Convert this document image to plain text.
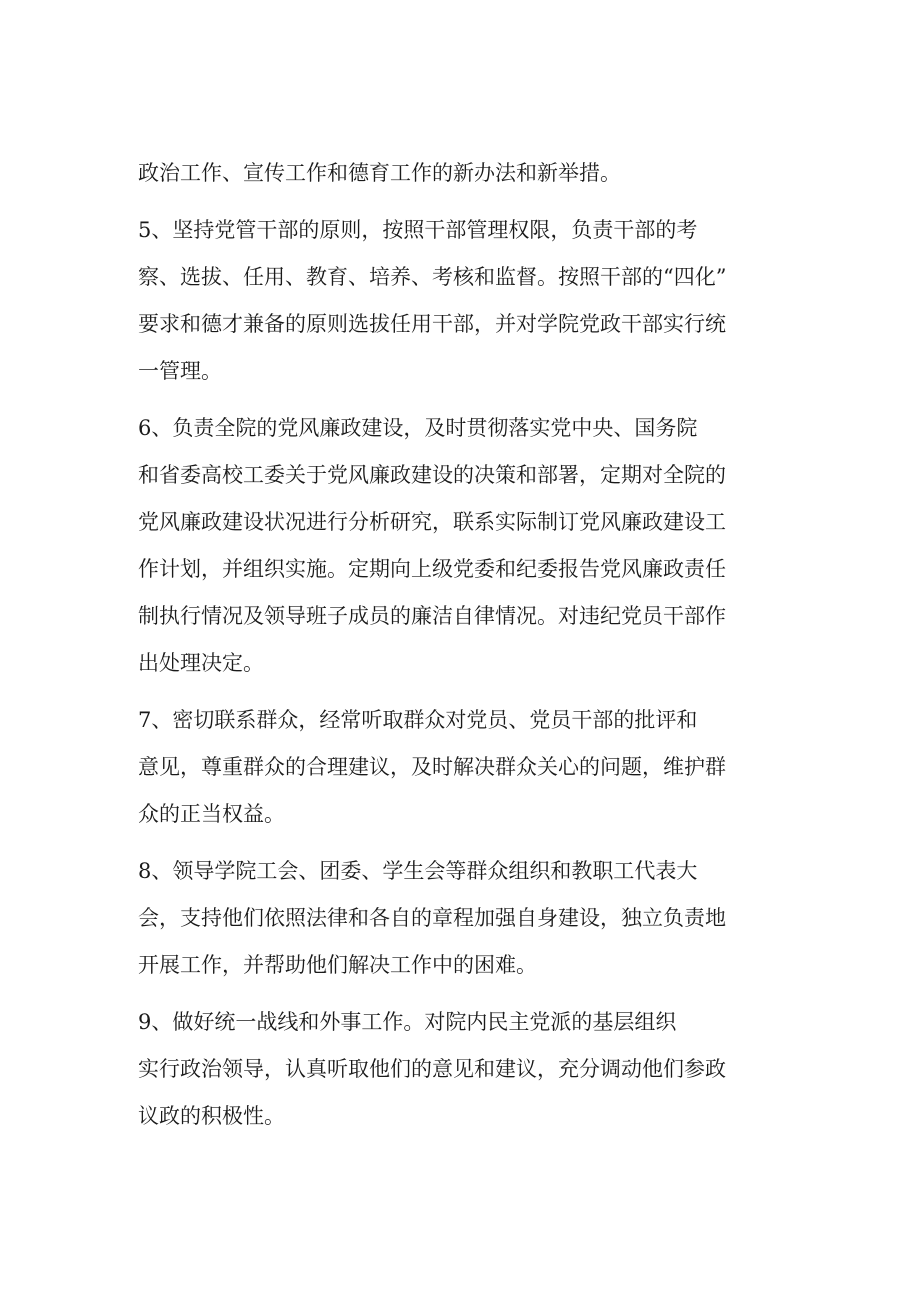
政治工作、宣传工作和德育工作的新办法和新举措。

5、坚持党管干部的原则，按照干部管理权限，负责干部的考
察、选拔、任用、教育、培养、考核和监督。按照干部的“四化”
要求和德才兼备的原则选拔任用干部，并对学院党政干部实行统
一管理。

6、负责全院的党风廉政建设，及时贯彻落实党中央、国务院
和省委高校工委关于党风廉政建设的决策和部署，定期对全院的
党风廉政建设状况进行分析研究，联系实际制订党风廉政建设工
作计划，并组织实施。定期向上级党委和纪委报告党风廉政责任
制执行情况及领导班子成员的廉洁自律情况。对违纪党员干部作
出处理决定。

7、密切联系群众，经常听取群众对党员、党员干部的批评和
意见，尊重群众的合理建议，及时解决群众关心的问题，维护群
众的正当权益。

8、领导学院工会、团委、学生会等群众组织和教职工代表大
会，支持他们依照法律和各自的章程加强自身建设，独立负责地
开展工作，并帮助他们解决工作中的困难。

9、做好统一战线和外事工作。对院内民主党派的基层组织
实行政治领导，认真听取他们的意见和建议，充分调动他们参政
议政的积极性。
